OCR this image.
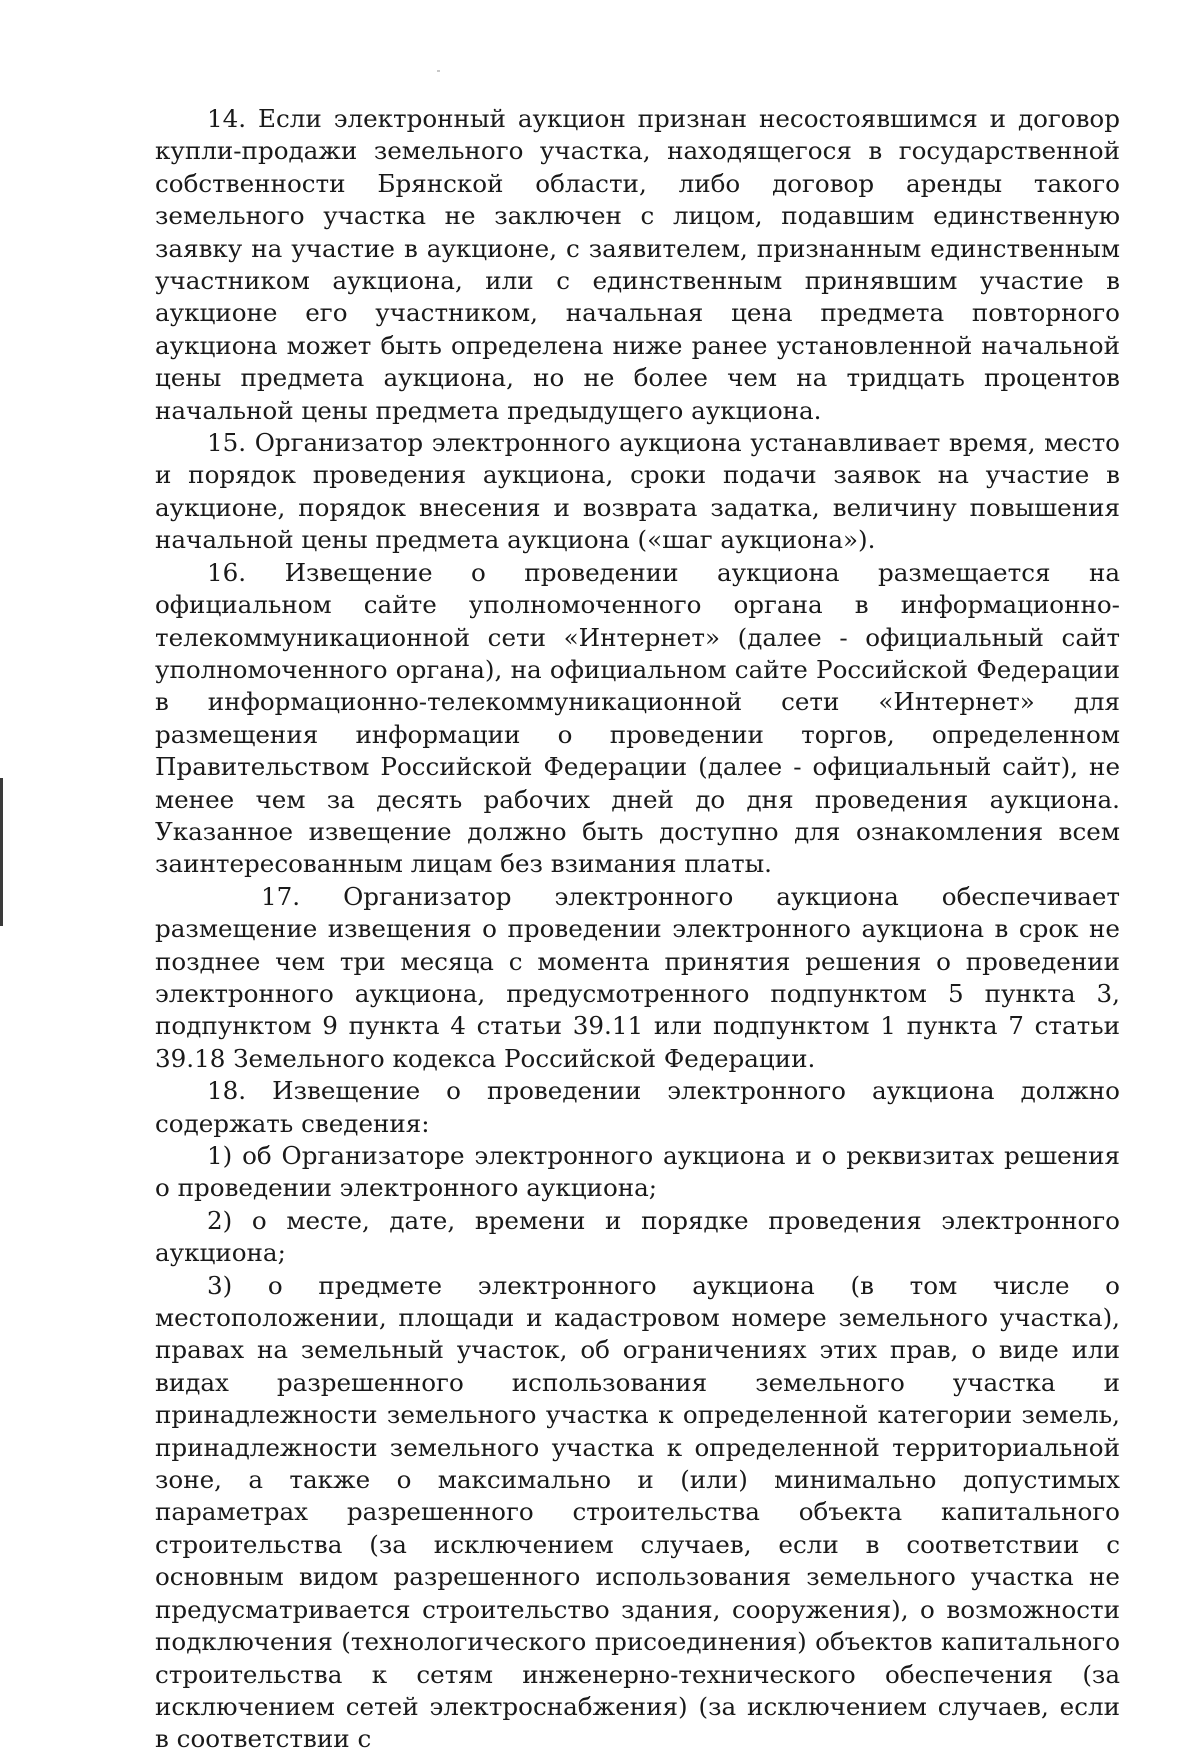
14. Если электронный аукцион признан несостоявшимся и договор купли-продажи земельного участка, находящегося в государственной собственности Брянской области, либо договор аренды такого земельного участка не заключен с лицом, подавшим единственную заявку на участие в аукционе, с заявителем, признанным единственным участником аукциона, или с единственным принявшим участие в аукционе его участником, начальная цена предмета повторного аукциона может быть определена ниже ранее установленной начальной цены предмета аукциона, но не более чем на тридцать процентов начальной цены предмета предыдущего аукциона.

15. Организатор электронного аукциона устанавливает время, место и порядок проведения аукциона, сроки подачи заявок на участие в аукционе, порядок внесения и возврата задатка, величину повышения начальной цены предмета аукциона («шаг аукциона»).

16. Извещение о проведении аукциона размещается на официальном сайте уполномоченного органа в информационно-телекоммуникационной сети «Интернет» (далее - официальный сайт уполномоченного органа), на официальном сайте Российской Федерации в информационно-телекоммуникационной сети «Интернет» для размещения информации о проведении торгов, определенном Правительством Российской Федерации (далее - официальный сайт), не менее чем за десять рабочих дней до дня проведения аукциона. Указанное извещение должно быть доступно для ознакомления всем заинтересованным лицам без взимания платы.

17. Организатор электронного аукциона обеспечивает размещение извещения о проведении электронного аукциона в срок не позднее чем три месяца с момента принятия решения о проведении электронного аукциона, предусмотренного подпунктом 5 пункта 3, подпунктом 9 пункта 4 статьи 39.11 или подпунктом 1 пункта 7 статьи 39.18 Земельного кодекса Российской Федерации.

18. Извещение о проведении электронного аукциона должно содержать сведения:

1) об Организаторе электронного аукциона и о реквизитах решения о проведении электронного аукциона;

2) о месте, дате, времени и порядке проведения электронного аукциона;

3) о предмете электронного аукциона (в том числе о местоположении, площади и кадастровом номере земельного участка), правах на земельный участок, об ограничениях этих прав, о виде или видах разрешенного использования земельного участка и принадлежности земельного участка к определенной категории земель, принадлежности земельного участка к определенной территориальной зоне, а также о максимально и (или) минимально допустимых параметрах разрешенного строительства объекта капитального строительства (за исключением случаев, если в соответствии с основным видом разрешенного использования земельного участка не предусматривается строительство здания, сооружения), о возможности подключения (технологического присоединения) объектов капитального строительства к сетям инженерно-технического обеспечения (за исключением сетей электроснабжения) (за исключением случаев, если в соответствии с
